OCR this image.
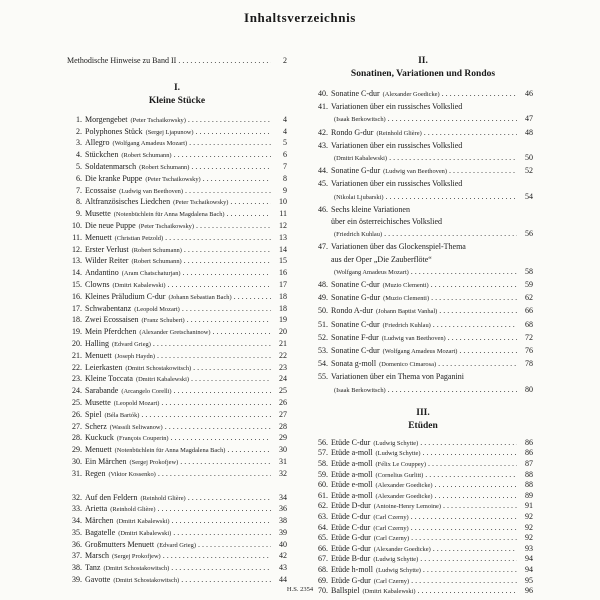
Inhaltsverzeichnis
Methodische Hinweise zu Band II . . .	2
I.
Kleine Stücke
1. Morgengebet (Peter Tschaikowsky) . . .	4
2. Polyphones Stück (Sergej Ljapunow) . . .	4
3. Allegro (Wolfgang Amadeus Mozart) . . .	5
4. Stückchen (Robert Schumann) . . .	6
5. Soldatenmarsch (Robert Schumann) . . .	7
6. Die kranke Puppe (Peter Tschaikowsky) . . .	8
7. Ecossaise (Ludwig van Beethoven) . . .	9
8. Altfranzösisches Liedchen (Peter Tschaikowsky) . . .	10
9. Musette (Notenbüchlein für Anna Magdalena Bach) . . .	11
10. Die neue Puppe (Peter Tschaikowsky) . . .	12
11. Menuett (Christian Petzold) . . .	13
12. Erster Verlust (Robert Schumann) . . .	14
13. Wilder Reiter (Robert Schumann) . . .	15
14. Andantino (Aram Chatschaturjan) . . .	16
15. Clowns (Dmitri Kabalewski) . . .	17
16. Kleines Präludium C-dur (Johann Sebastian Bach) . . .	18
17. Schwabentanz (Leopold Mozart) . . .	18
18. Zwei Ecossaisen (Franz Schubert) . . .	19
19. Mein Pferdchen (Alexander Gretschaninow) . . .	20
20. Halling (Edvard Grieg) . . .	21
21. Menuett (Joseph Haydn) . . .	22
22. Leierkasten (Dmitri Schostakowitsch) . . .	23
23. Kleine Toccata (Dmitri Kabalewski) . . .	24
24. Sarabande (Arcangelo Corelli) . . .	25
25. Musette (Leopold Mozart) . . .	26
26. Spiel (Béla Bartók) . . .	27
27. Scherz (Wassili Seliwanow) . . .	28
28. Kuckuck (François Couperin) . . .	29
29. Menuett (Notenbüchlein für Anna Magdalena Bach) . . .	30
30. Ein Märchen (Sergej Prokofjew) . . .	31
31. Regen (Viktor Kossenko) . . .	32
32. Auf den Feldern (Reinhold Glière) . . .	34
33. Arietta (Reinhold Glière) . . .	36
34. Märchen (Dmitri Kabalewski) . . .	38
35. Bagatelle (Dmitri Kabalewski) . . .	39
36. Großmutters Menuett (Edvard Grieg) . . .	40
37. Marsch (Sergej Prokofjew) . . .	42
38. Tanz (Dmitri Schostakowitsch) . . .	43
39. Gavotte (Dmitri Schostakowitsch) . . .	44
II.
Sonatinen, Variationen und Rondos
40. Sonatine C-dur (Alexander Goedicke) . . .	46
41. Variationen über ein russisches Volkslied
(Isaak Berkowitsch) . . .	47
42. Rondo G-dur (Reinhold Glière) . . .	48
43. Variationen über ein russisches Volkslied
(Dmitri Kabalewski) . . .	50
44. Sonatine G-dur (Ludwig van Beethoven) . . .	52
45. Variationen über ein russisches Volkslied
(Nikolai Ljubarski) . . .	54
46. Sechs kleine Variationen
über ein österreichisches Volkslied
(Friedrich Kuhlau) . . .	56
47. Variationen über das Glockenspiel-Thema
aus der Oper „Die Zauberflöte“
(Wolfgang Amadeus Mozart) . . .	58
48. Sonatine C-dur (Muzio Clementi) . . .	59
49. Sonatine G-dur (Muzio Clementi) . . .	62
50. Rondo A-dur (Johann Baptist Vanhal) . . .	66
51. Sonatine C-dur (Friedrich Kuhlau) . . .	68
52. Sonatine F-dur (Ludwig van Beethoven) . . .	72
53. Sonatine C-dur (Wolfgang Amadeus Mozart) . . .	76
54. Sonata g-moll (Domenico Cimarosa) . . .	78
55. Variationen über ein Thema von Paganini
(Isaak Berkowitsch) . . .	80
III.
Etüden
56. Etüde C-dur (Ludwig Schytte) . . .	86
57. Etüde a-moll (Ludwig Schytte) . . .	86
58. Etüde a-moll (Félix Le Couppey) . . .	87
59. Etüde a-moll (Cornelius Gurlitt) . . .	88
60. Etüde e-moll (Alexander Goedicke) . . .	88
61. Etüde a-moll (Alexander Goedicke) . . .	89
62. Etüde D-dur (Antoine-Henry Lemoine) . . .	91
63. Etüde C-dur (Carl Czerny) . . .	92
64. Etüde C-dur (Carl Czerny) . . .	92
65. Etüde G-dur (Carl Czerny) . . .	92
66. Etüde G-dur (Alexander Goedicke) . . .	93
67. Etüde B-dur (Ludwig Schytte) . . .	94
68. Etüde h-moll (Ludwig Schytte) . . .	94
69. Etüde G-dur (Carl Czerny) . . .	95
70. Ballspiel (Dmitri Kabalewski) . . .	96
H.S. 2354
